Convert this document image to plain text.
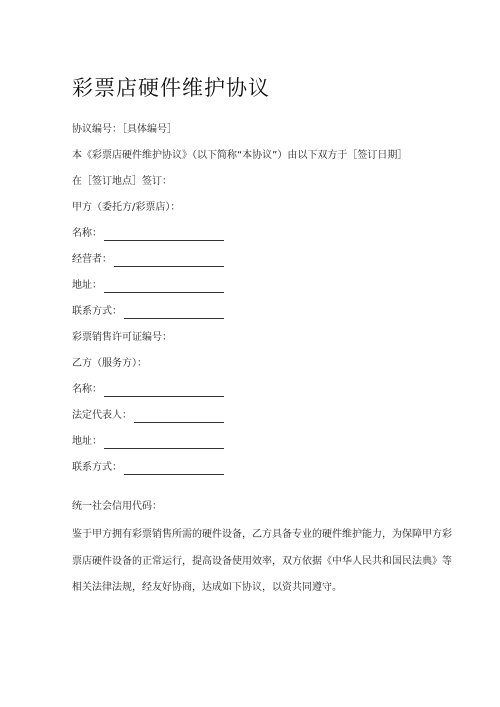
彩票店硬件维护协议
协议编号：［具体编号］
本《彩票店硬件维护协议》（以下简称“本协议”）由以下双方于［签订日期］
在［签订地点］签订：
甲方（委托方/彩票店）：
名称：
经营者：
地址：
联系方式：
彩票销售许可证编号：
乙方（服务方）：
名称：
法定代表人：
地址：
联系方式：
统一社会信用代码：
鉴于甲方拥有彩票销售所需的硬件设备，乙方具备专业的硬件维护能力，为保障甲方彩
票店硬件设备的正常运行，提高设备使用效率，双方依据《中华人民共和国民法典》等
相关法律法规，经友好协商，达成如下协议，以资共同遵守。
